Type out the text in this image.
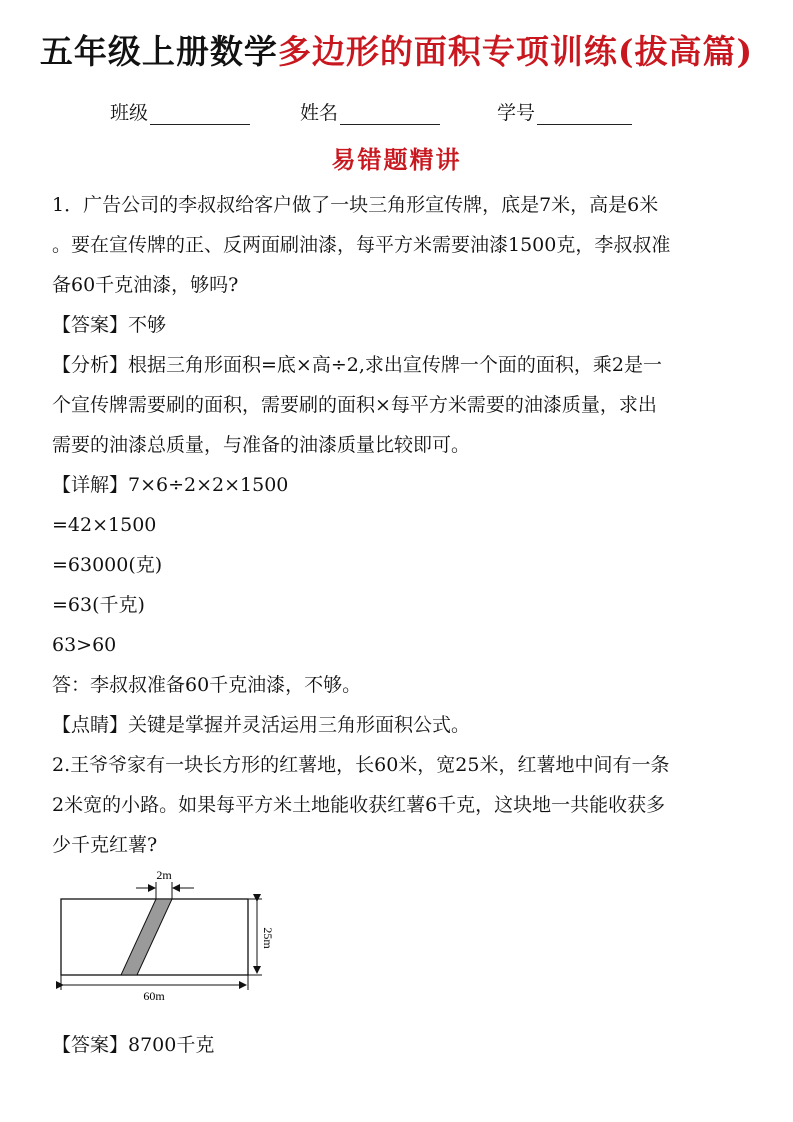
五年级上册数学多边形的面积专项训练(拔高篇)
班级	姓名	学号
易错题精讲

1．广告公司的李叔叔给客户做了一块三角形宣传牌，底是7米，高是6米

。要在宣传牌的正、反两面刷油漆，每平方米需要油漆1500克，李叔叔准

备60千克油漆，够吗?

【答案】不够

【分析】根据三角形面积=底×高÷2,求出宣传牌一个面的面积，乘2是一

个宣传牌需要刷的面积，需要刷的面积×每平方米需要的油漆质量，求出

需要的油漆总质量，与准备的油漆质量比较即可。

【详解】7×6÷2×2×1500

=42×1500

=63000(克)

=63(千克)

63>60

答：李叔叔准备60千克油漆，不够。

【点睛】关键是掌握并灵活运用三角形面积公式。

2.王爷爷家有一块长方形的红薯地，长60米，宽25米，红薯地中间有一条

2米宽的小路。如果每平方米土地能收获红薯6千克，这块地一共能收获多

少千克红薯?

【答案】8700千克

2m
25m
60m
